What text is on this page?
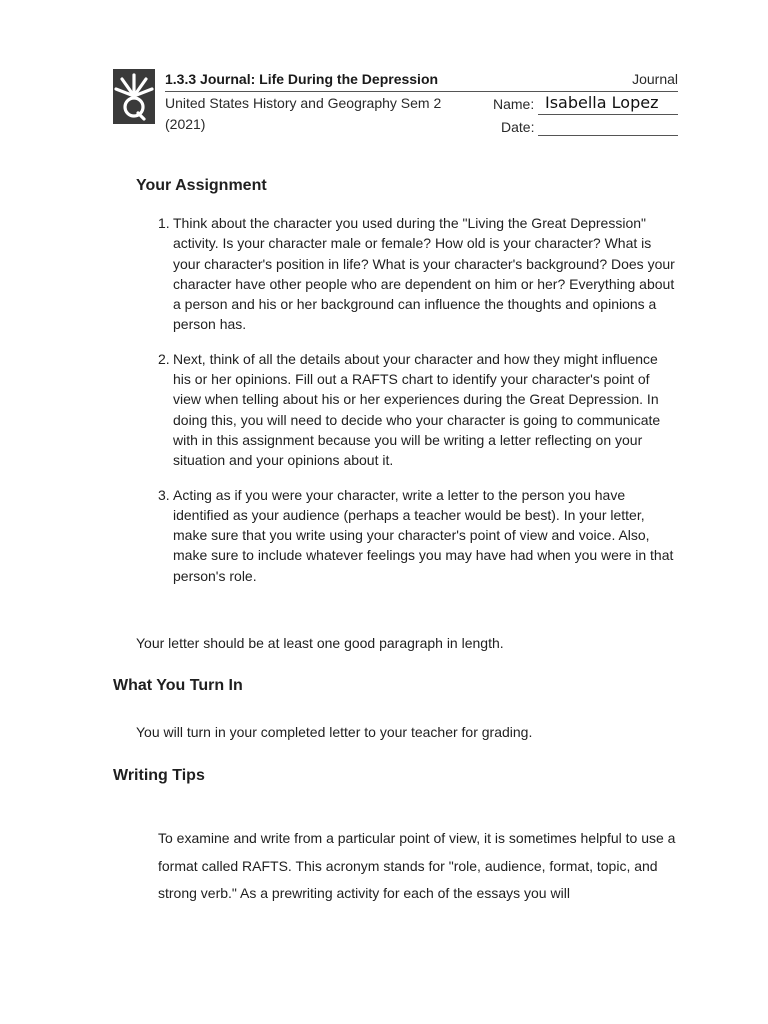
1.3.3 Journal: Life During the Depression	Journal
United States History and Geography Sem 2 (2021)
Name: Isabella Lopez
Date:
Your Assignment
1. Think about the character you used during the "Living the Great Depression" activity. Is your character male or female? How old is your character? What is your character's position in life? What is your character's background? Does your character have other people who are dependent on him or her? Everything about a person and his or her background can influence the thoughts and opinions a person has.
2. Next, think of all the details about your character and how they might influence his or her opinions. Fill out a RAFTS chart to identify your character's point of view when telling about his or her experiences during the Great Depression. In doing this, you will need to decide who your character is going to communicate with in this assignment because you will be writing a letter reflecting on your situation and your opinions about it.
3. Acting as if you were your character, write a letter to the person you have identified as your audience (perhaps a teacher would be best). In your letter, make sure that you write using your character's point of view and voice. Also, make sure to include whatever feelings you may have had when you were in that person's role.

Your letter should be at least one good paragraph in length.

What You Turn In

You will turn in your completed letter to your teacher for grading.

Writing Tips

To examine and write from a particular point of view, it is sometimes helpful to use a format called RAFTS. This acronym stands for "role, audience, format, topic, and strong verb." As a prewriting activity for each of the essays you will
